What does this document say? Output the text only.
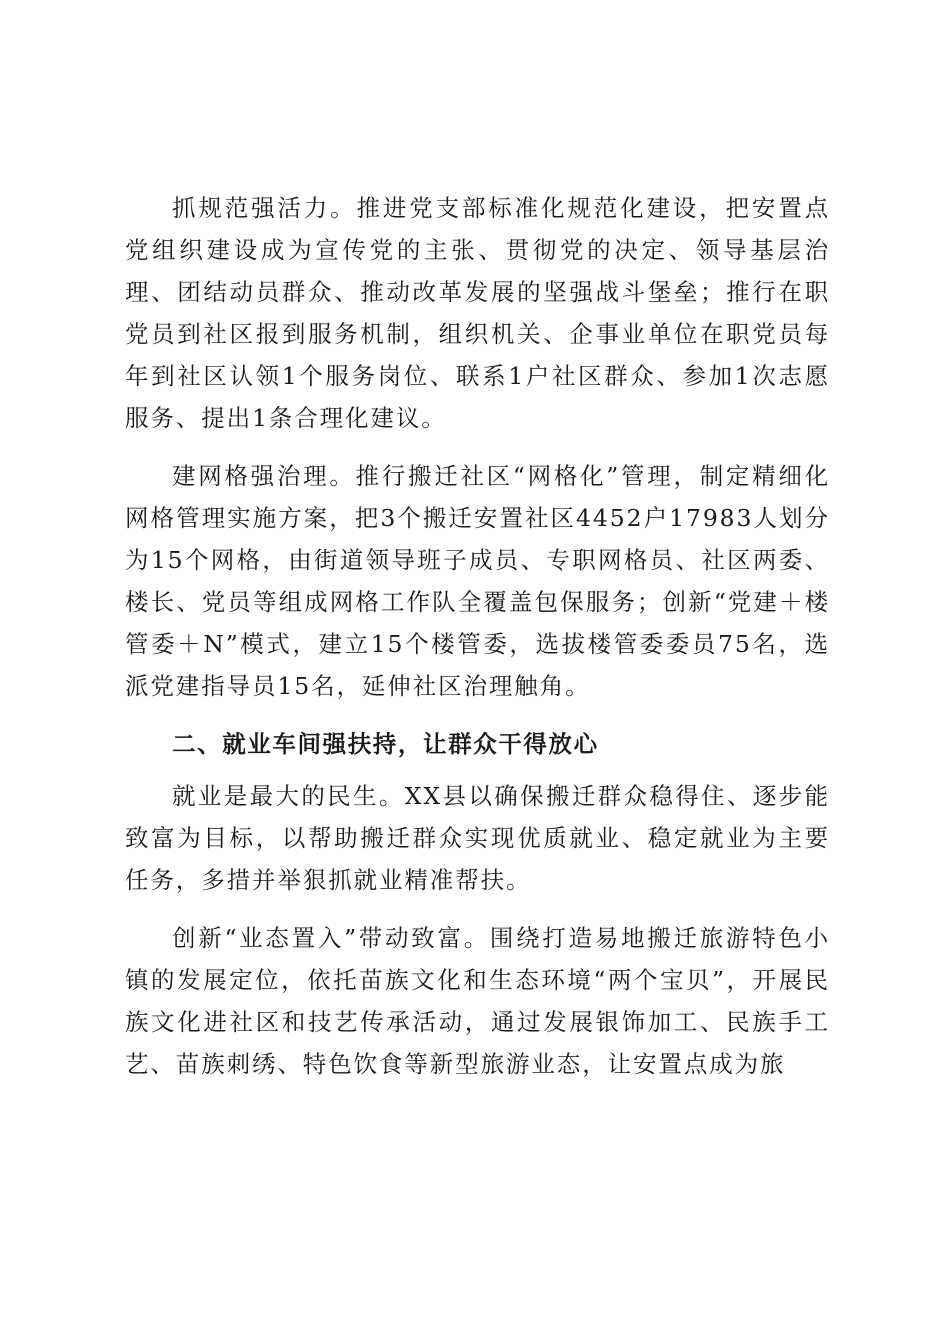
抓规范强活力。推进党支部标准化规范化建设，把安置点党组织建设成为宣传党的主张、贯彻党的决定、领导基层治理、团结动员群众、推动改革发展的坚强战斗堡垒；推行在职党员到社区报到服务机制，组织机关、企事业单位在职党员每年到社区认领1个服务岗位、联系1户社区群众、参加1次志愿服务、提出1条合理化建议。

建网格强治理。推行搬迁社区“网格化”管理，制定精细化网格管理实施方案，把3个搬迁安置社区4452户17983人划分为15个网格，由街道领导班子成员、专职网格员、社区两委、楼长、党员等组成网格工作队全覆盖包保服务；创新“党建＋楼管委＋N”模式，建立15个楼管委，选拔楼管委委员75名，选派党建指导员15名，延伸社区治理触角。

二、就业车间强扶持，让群众干得放心

就业是最大的民生。XX县以确保搬迁群众稳得住、逐步能致富为目标，以帮助搬迁群众实现优质就业、稳定就业为主要任务，多措并举狠抓就业精准帮扶。

创新“业态置入”带动致富。围绕打造易地搬迁旅游特色小镇的发展定位，依托苗族文化和生态环境“两个宝贝”，开展民族文化进社区和技艺传承活动，通过发展银饰加工、民族手工艺、苗族刺绣、特色饮食等新型旅游业态，让安置点成为旅
